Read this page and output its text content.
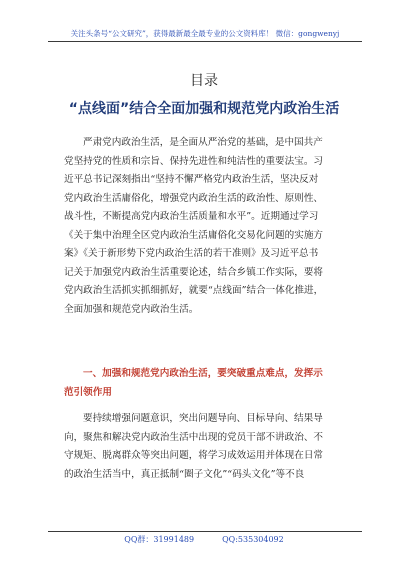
关注头条号“公文研究”，获得最新最全最专业的公文资料库！ 微信：gongwenyj
目录
“点线面”结合全面加强和规范党内政治生活
严肃党内政治生活，是全面从严治党的基础，是中国共产
党坚持党的性质和宗旨、保持先进性和纯洁性的重要法宝。习
近平总书记深刻指出“坚持不懈严格党内政治生活，坚决反对
党内政治生活庸俗化，增强党内政治生活的政治性、原则性、
战斗性，不断提高党内政治生活质量和水平”。近期通过学习
《关于集中治理全区党内政治生活庸俗化交易化问题的实施方
案》《关于新形势下党内政治生活的若干准则》及习近平总书
记关于加强党内政治生活重要论述，结合乡镇工作实际，要将
党内政治生活抓实抓细抓好，就要“点线面”结合一体化推进，
全面加强和规范党内政治生活。
一、加强和规范党内政治生活，要突破重点难点，发挥示
范引领作用
要持续增强问题意识，突出问题导向、目标导向、结果导
向，聚焦和解决党内政治生活中出现的党员干部不讲政治、不
守规矩、脱离群众等突出问题，将学习成效运用并体现在日常
的政治生活当中，真正抵制“圈子文化”“码头文化”等不良
QQ群：31991489	QQ:535304092
